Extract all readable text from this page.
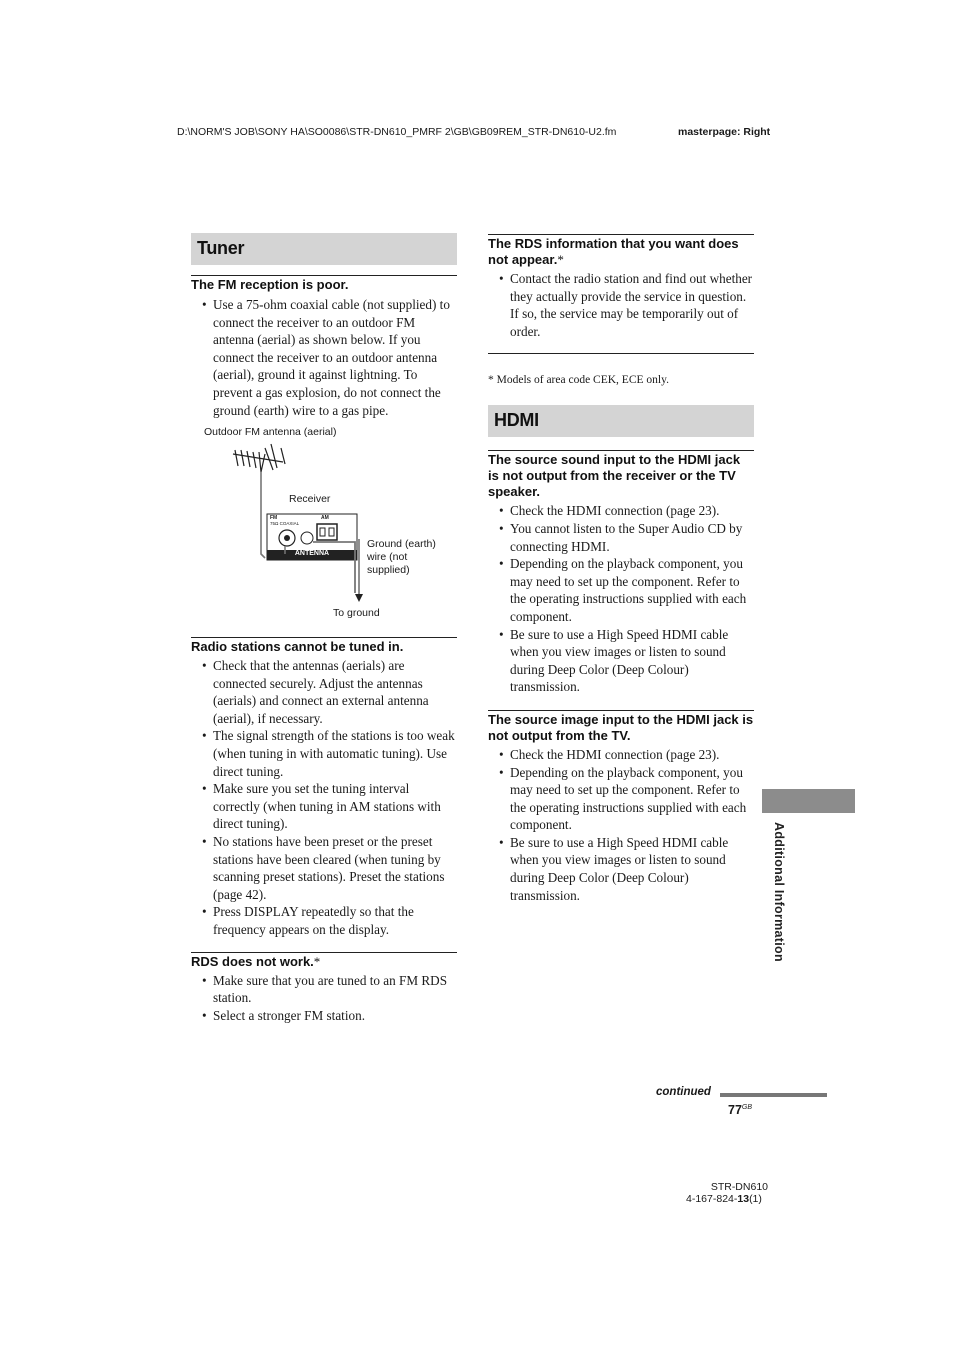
D:\NORM'S JOB\SONY HA\SO0086\STR-DN610_PMRF 2\GB\GB09REM_STR-DN610-U2.fm	masterpage: Right
Tuner
The FM reception is poor.
• Use a 75-ohm coaxial cable (not supplied) to connect the receiver to an outdoor FM antenna (aerial) as shown below. If you connect the receiver to an outdoor antenna (aerial), ground it against lightning. To prevent a gas explosion, do not connect the ground (earth) wire to a gas pipe.
Outdoor FM antenna (aerial)
Receiver
FM
75Ω COAXIAL
AM
ANTENNA
Ground (earth)
wire (not
supplied)
To ground
Radio stations cannot be tuned in.
• Check that the antennas (aerials) are connected securely. Adjust the antennas (aerials) and connect an external antenna (aerial), if necessary.
• The signal strength of the stations is too weak (when tuning in with automatic tuning). Use direct tuning.
• Make sure you set the tuning interval correctly (when tuning in AM stations with direct tuning).
• No stations have been preset or the preset stations have been cleared (when tuning by scanning preset stations). Preset the stations (page 42).
• Press DISPLAY repeatedly so that the frequency appears on the display.
RDS does not work.*
• Make sure that you are tuned to an FM RDS station.
• Select a stronger FM station.
The RDS information that you want does not appear.*
• Contact the radio station and find out whether they actually provide the service in question. If so, the service may be temporarily out of order.
* Models of area code CEK, ECE only.
HDMI
The source sound input to the HDMI jack is not output from the receiver or the TV speaker.
• Check the HDMI connection (page 23).
• You cannot listen to the Super Audio CD by connecting HDMI.
• Depending on the playback component, you may need to set up the component. Refer to the operating instructions supplied with each component.
• Be sure to use a High Speed HDMI cable when you view images or listen to sound during Deep Color (Deep Colour) transmission.
The source image input to the HDMI jack is not output from the TV.
• Check the HDMI connection (page 23).
• Depending on the playback component, you may need to set up the component. Refer to the operating instructions supplied with each component.
• Be sure to use a High Speed HDMI cable when you view images or listen to sound during Deep Color (Deep Colour) transmission.	Additional Information
continued
$77^{GB}$
STR-DN610
4-167-824-13(1)
